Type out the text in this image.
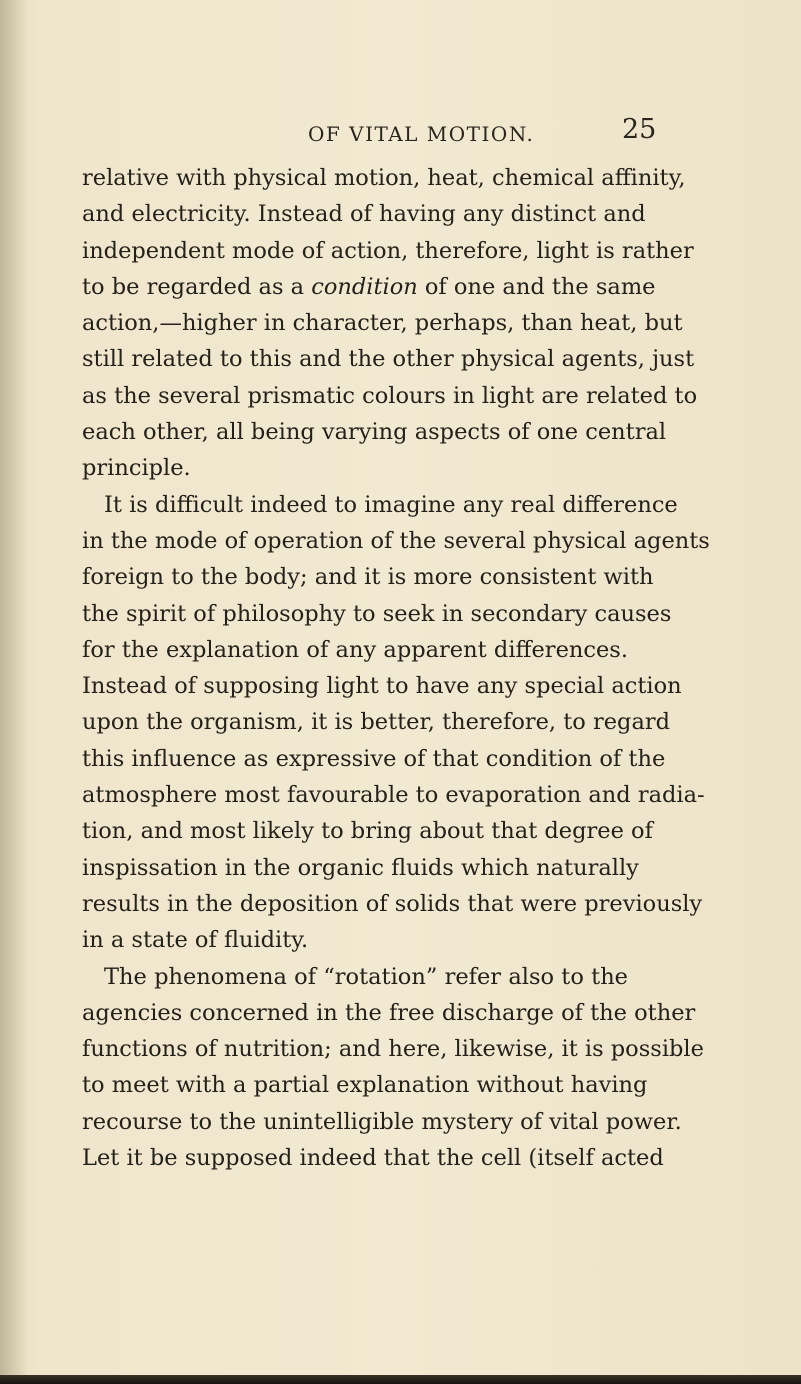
OF VITAL MOTION.	25
relative with physical motion, heat, chemical affinity,
and electricity. Instead of having any distinct and
independent mode of action, therefore, light is rather
to be regarded as a condition of one and the same
action,—higher in character, perhaps, than heat, but
still related to this and the other physical agents, just
as the several prismatic colours in light are related to
each other, all being varying aspects of one central
principle.
It is difficult indeed to imagine any real difference
in the mode of operation of the several physical agents
foreign to the body; and it is more consistent with
the spirit of philosophy to seek in secondary causes
for the explanation of any apparent differences.
Instead of supposing light to have any special action
upon the organism, it is better, therefore, to regard
this influence as expressive of that condition of the
atmosphere most favourable to evaporation and radia-
tion, and most likely to bring about that degree of
inspissation in the organic fluids which naturally
results in the deposition of solids that were previously
in a state of fluidity.
The phenomena of “rotation” refer also to the
agencies concerned in the free discharge of the other
functions of nutrition; and here, likewise, it is possible
to meet with a partial explanation without having
recourse to the unintelligible mystery of vital power.
Let it be supposed indeed that the cell (itself acted
